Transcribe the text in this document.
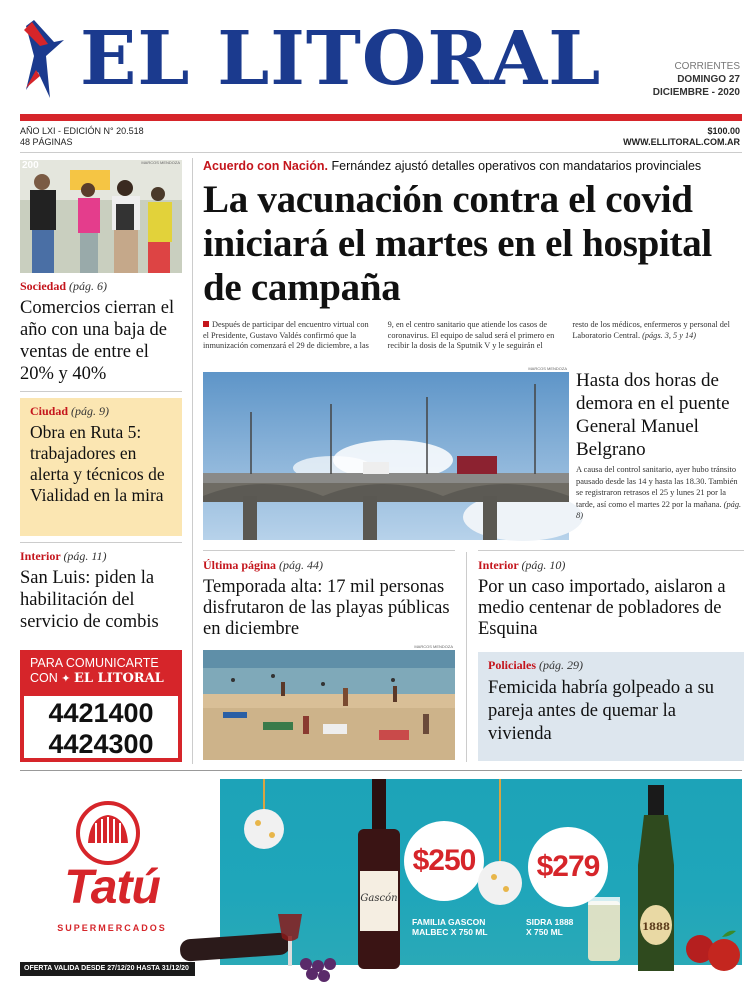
EL LITORAL	CORRIENTES
DOMINGO 27
DICIEMBRE - 2020
AÑO LXI - EDICIÓN N° 20.518
48 PÁGINAS
$100.00
WWW.ELLITORAL.COM.AR
200	MARCOS MENDOZA
Sociedad (pág. 6)
Comercios cierran el año con una baja de ventas de entre el 20% y 40%
Ciudad (pág. 9)
Obra en Ruta 5: trabajadores en alerta y técnicos de Vialidad en la mira
Interior (pág. 11)
San Luis: piden la habilitación del servicio de combis
PARA COMUNICARTE
CON ✦ EL LITORAL
4421400
4424300
Acuerdo con Nación. Fernández ajustó detalles operativos con mandatarios provinciales
La vacunación contra el covid iniciará el martes en el hospital de campaña
Después de participar del encuentro virtual con el Presidente, Gustavo Valdés confirmó que la inmunización comenzará el 29 de diciembre, a las 9, en el centro sanitario que atiende los casos de coronavirus. El equipo de salud será el primero en recibir la dosis de la Sputnik V y le seguirán el resto de los médicos, enfermeros y personal del Laboratorio Central. (págs. 3, 5 y 14)
MARCOS MENDOZA
Hasta dos horas de demora en el puente General Manuel Belgrano
A causa del control sanitario, ayer hubo tránsito pausado desde las 14 y hasta las 18.30. También se registraron retrasos el 25 y lunes 21 por la tarde, así como el martes 22 por la mañana. (pág. 8)
Última página (pág. 44)
Temporada alta: 17 mil personas disfrutaron de las playas públicas en diciembre
MARCOS MENDOZA
Interior (pág. 10)
Por un caso importado, aislaron a medio centenar de pobladores de Esquina
Policiales (pág. 29)
Femicida habría golpeado a su pareja antes de quemar la vivienda
Tatú
SUPERMERCADOS
OFERTA VALIDA DESDE 27/12/20 HASTA 31/12/20
Gascón
$250
FAMILIA GASCON
MALBEC X 750 ML
$279
SIDRA 1888
X 750 ML	1888
